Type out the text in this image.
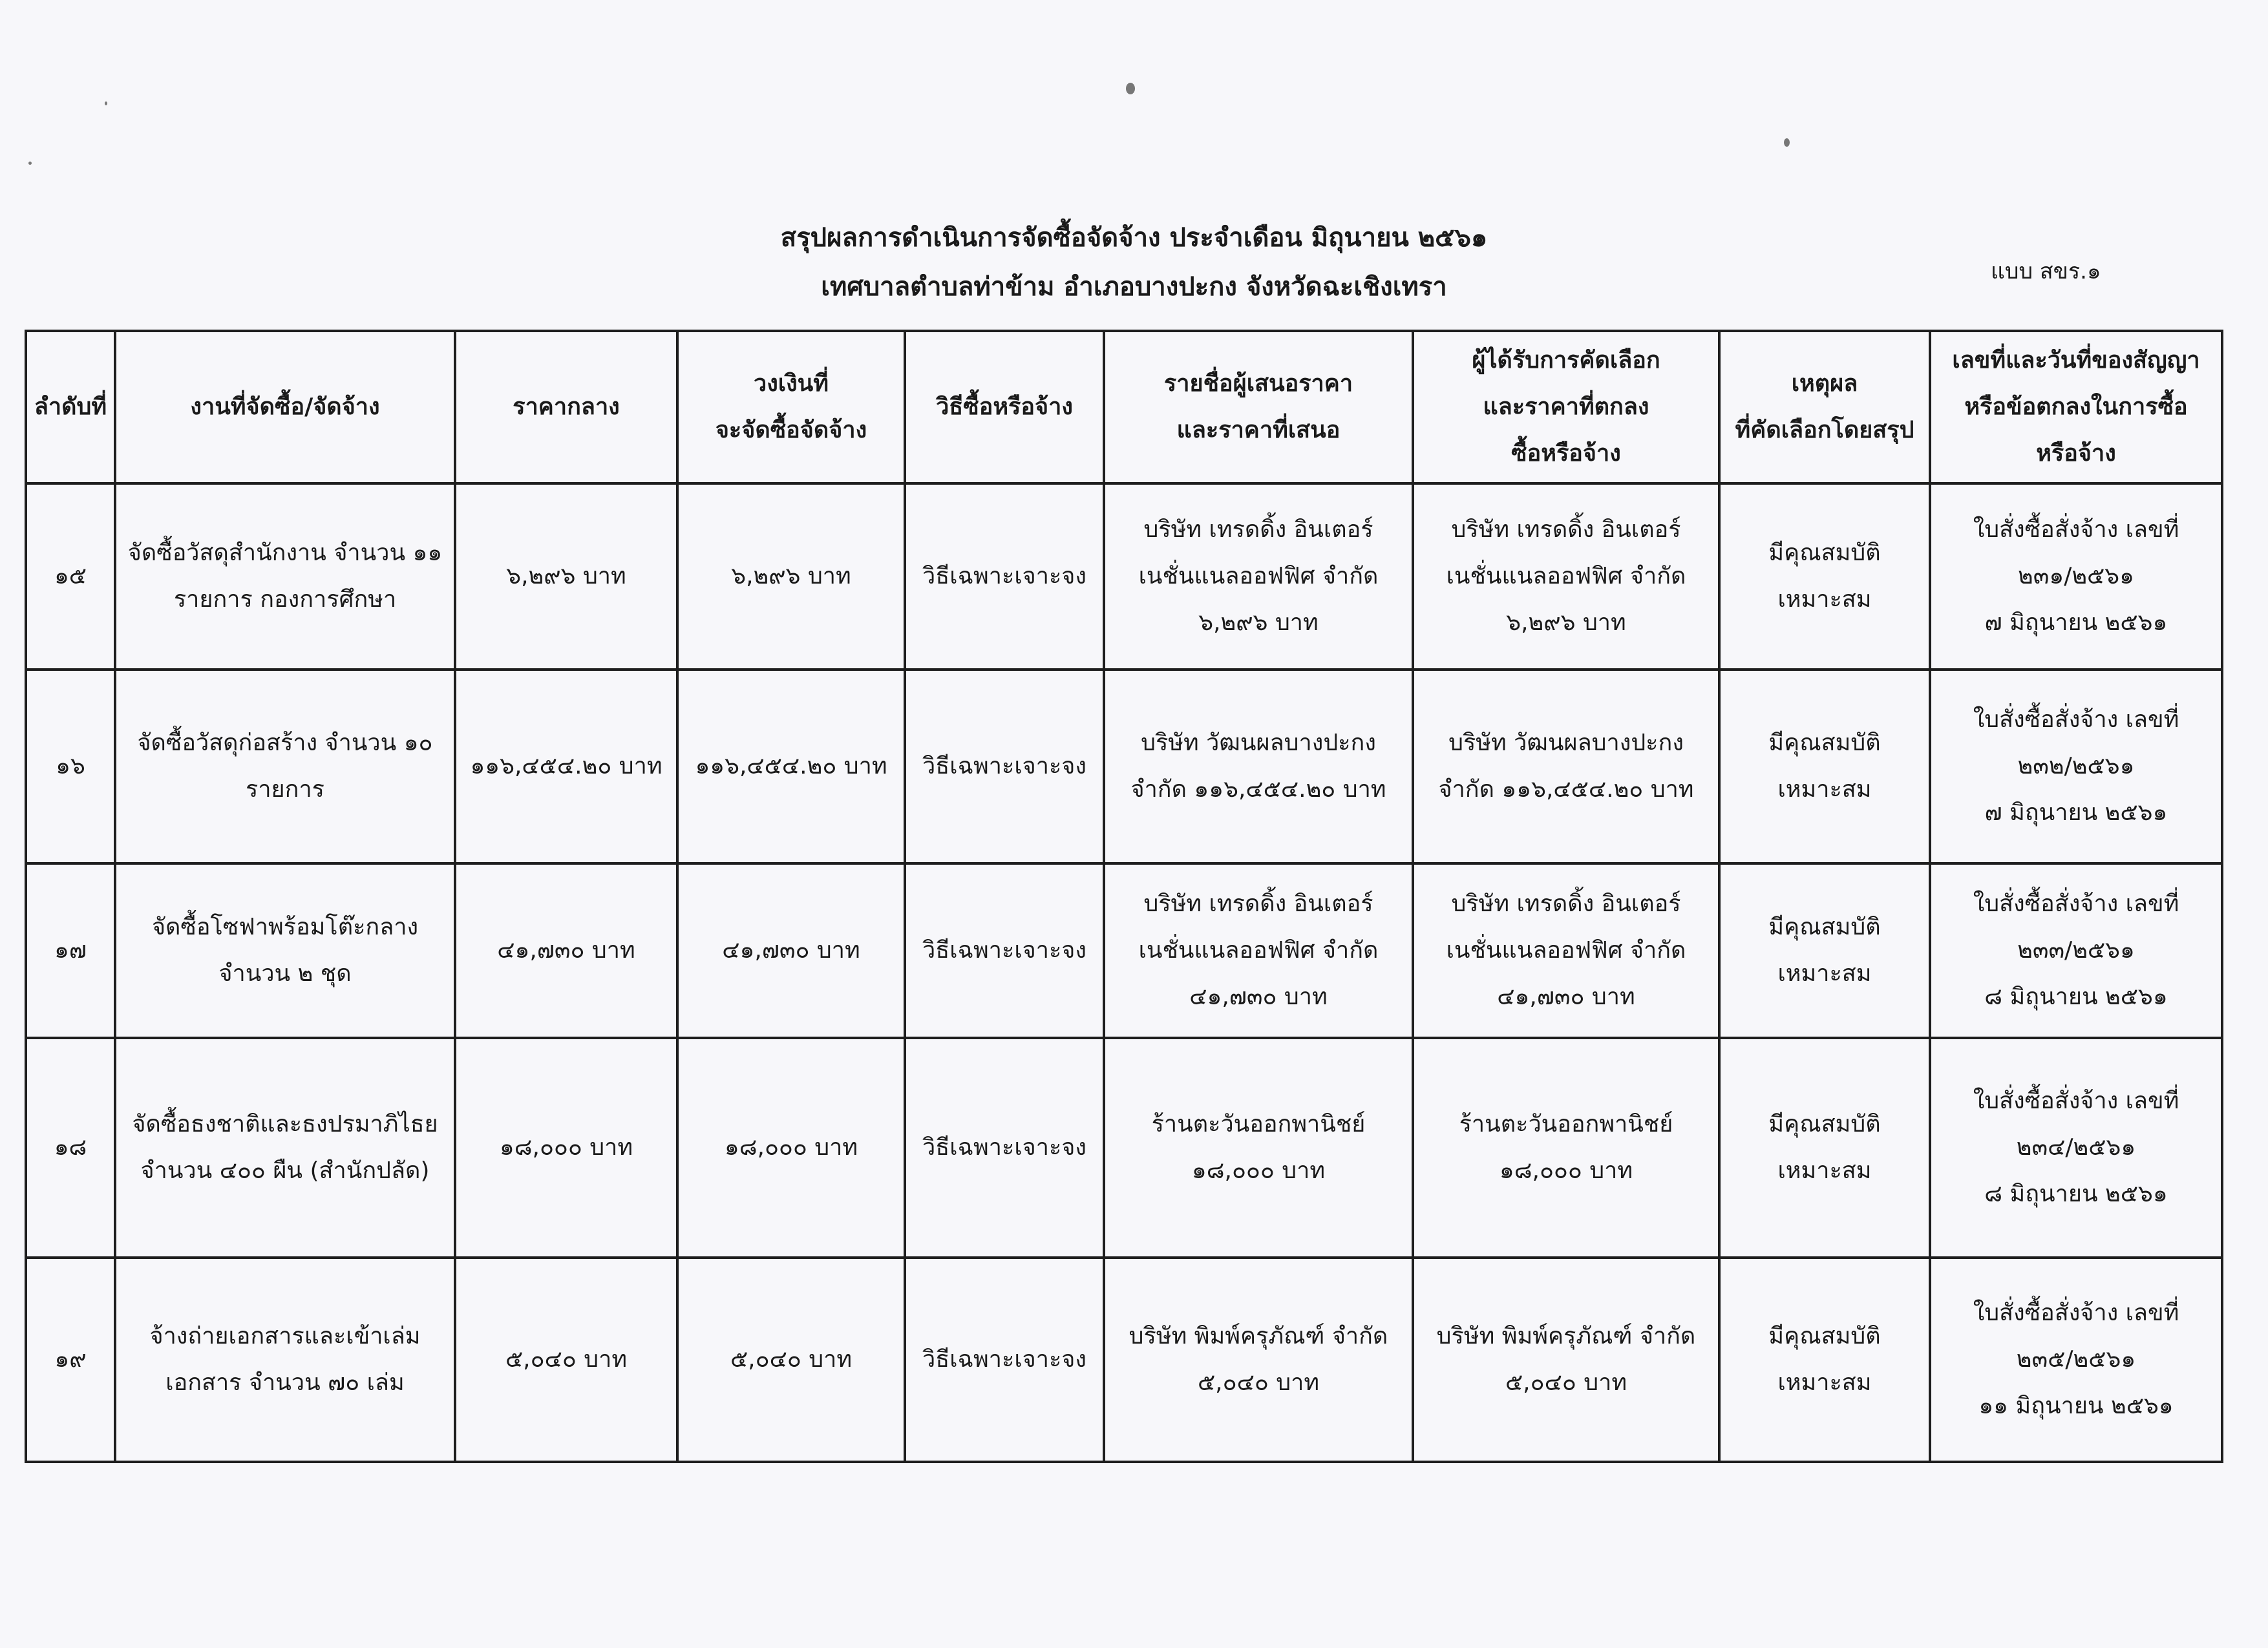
สรุปผลการดำเนินการจัดซื้อจัดจ้าง ประจำเดือน มิถุนายน ๒๕๖๑
เทศบาลตำบลท่าข้าม อำเภอบางปะกง จังหวัดฉะเชิงเทรา
แบบ สขร.๑
ลำดับที่	งานที่จัดซื้อ/จัดจ้าง	ราคากลาง	วงเงินที่
จะจัดซื้อจัดจ้าง	วิธีซื้อหรือจ้าง	รายชื่อผู้เสนอราคา
และราคาที่เสนอ	ผู้ได้รับการคัดเลือก
และราคาที่ตกลง
ซื้อหรือจ้าง	เหตุผล
ที่คัดเลือกโดยสรุป	เลขที่และวันที่ของสัญญา
หรือข้อตกลงในการซื้อ
หรือจ้าง
๑๕	จัดซื้อวัสดุสำนักงาน จำนวน ๑๑
รายการ กองการศึกษา	๖,๒๙๖ บาท	๖,๒๙๖ บาท	วิธีเฉพาะเจาะจง	บริษัท เทรดดิ้ง อินเตอร์
เนชั่นแนลออฟฟิศ จำกัด
๖,๒๙๖ บาท	บริษัท เทรดดิ้ง อินเตอร์
เนชั่นแนลออฟฟิศ จำกัด
๖,๒๙๖ บาท	มีคุณสมบัติ
เหมาะสม	ใบสั่งซื้อสั่งจ้าง เลขที่
๒๓๑/๒๕๖๑
๗ มิถุนายน ๒๕๖๑
๑๖	จัดซื้อวัสดุก่อสร้าง จำนวน ๑๐
รายการ	๑๑๖,๔๕๔.๒๐ บาท	๑๑๖,๔๕๔.๒๐ บาท	วิธีเฉพาะเจาะจง	บริษัท วัฒนผลบางปะกง
จำกัด ๑๑๖,๔๕๔.๒๐ บาท	บริษัท วัฒนผลบางปะกง
จำกัด ๑๑๖,๔๕๔.๒๐ บาท	มีคุณสมบัติ
เหมาะสม	ใบสั่งซื้อสั่งจ้าง เลขที่
๒๓๒/๒๕๖๑
๗ มิถุนายน ๒๕๖๑
๑๗	จัดซื้อโซฟาพร้อมโต๊ะกลาง
จำนวน ๒ ชุด	๔๑,๗๓๐ บาท	๔๑,๗๓๐ บาท	วิธีเฉพาะเจาะจง	บริษัท เทรดดิ้ง อินเตอร์
เนชั่นแนลออฟฟิศ จำกัด
๔๑,๗๓๐ บาท	บริษัท เทรดดิ้ง อินเตอร์
เนชั่นแนลออฟฟิศ จำกัด
๔๑,๗๓๐ บาท	มีคุณสมบัติ
เหมาะสม	ใบสั่งซื้อสั่งจ้าง เลขที่
๒๓๓/๒๕๖๑
๘ มิถุนายน ๒๕๖๑
๑๘	จัดซื้อธงชาติและธงปรมาภิไธย
จำนวน ๔๐๐ ผืน (สำนักปลัด)	๑๘,๐๐๐ บาท	๑๘,๐๐๐ บาท	วิธีเฉพาะเจาะจง	ร้านตะวันออกพานิชย์
๑๘,๐๐๐ บาท	ร้านตะวันออกพานิชย์
๑๘,๐๐๐ บาท	มีคุณสมบัติ
เหมาะสม	ใบสั่งซื้อสั่งจ้าง เลขที่
๒๓๔/๒๕๖๑
๘ มิถุนายน ๒๕๖๑
๑๙	จ้างถ่ายเอกสารและเข้าเล่ม
เอกสาร จำนวน ๗๐ เล่ม	๕,๐๔๐ บาท	๕,๐๔๐ บาท	วิธีเฉพาะเจาะจง	บริษัท พิมพ์ครุภัณฑ์ จำกัด
๕,๐๔๐ บาท	บริษัท พิมพ์ครุภัณฑ์ จำกัด
๕,๐๔๐ บาท	มีคุณสมบัติ
เหมาะสม	ใบสั่งซื้อสั่งจ้าง เลขที่
๒๓๕/๒๕๖๑
๑๑ มิถุนายน ๒๕๖๑
